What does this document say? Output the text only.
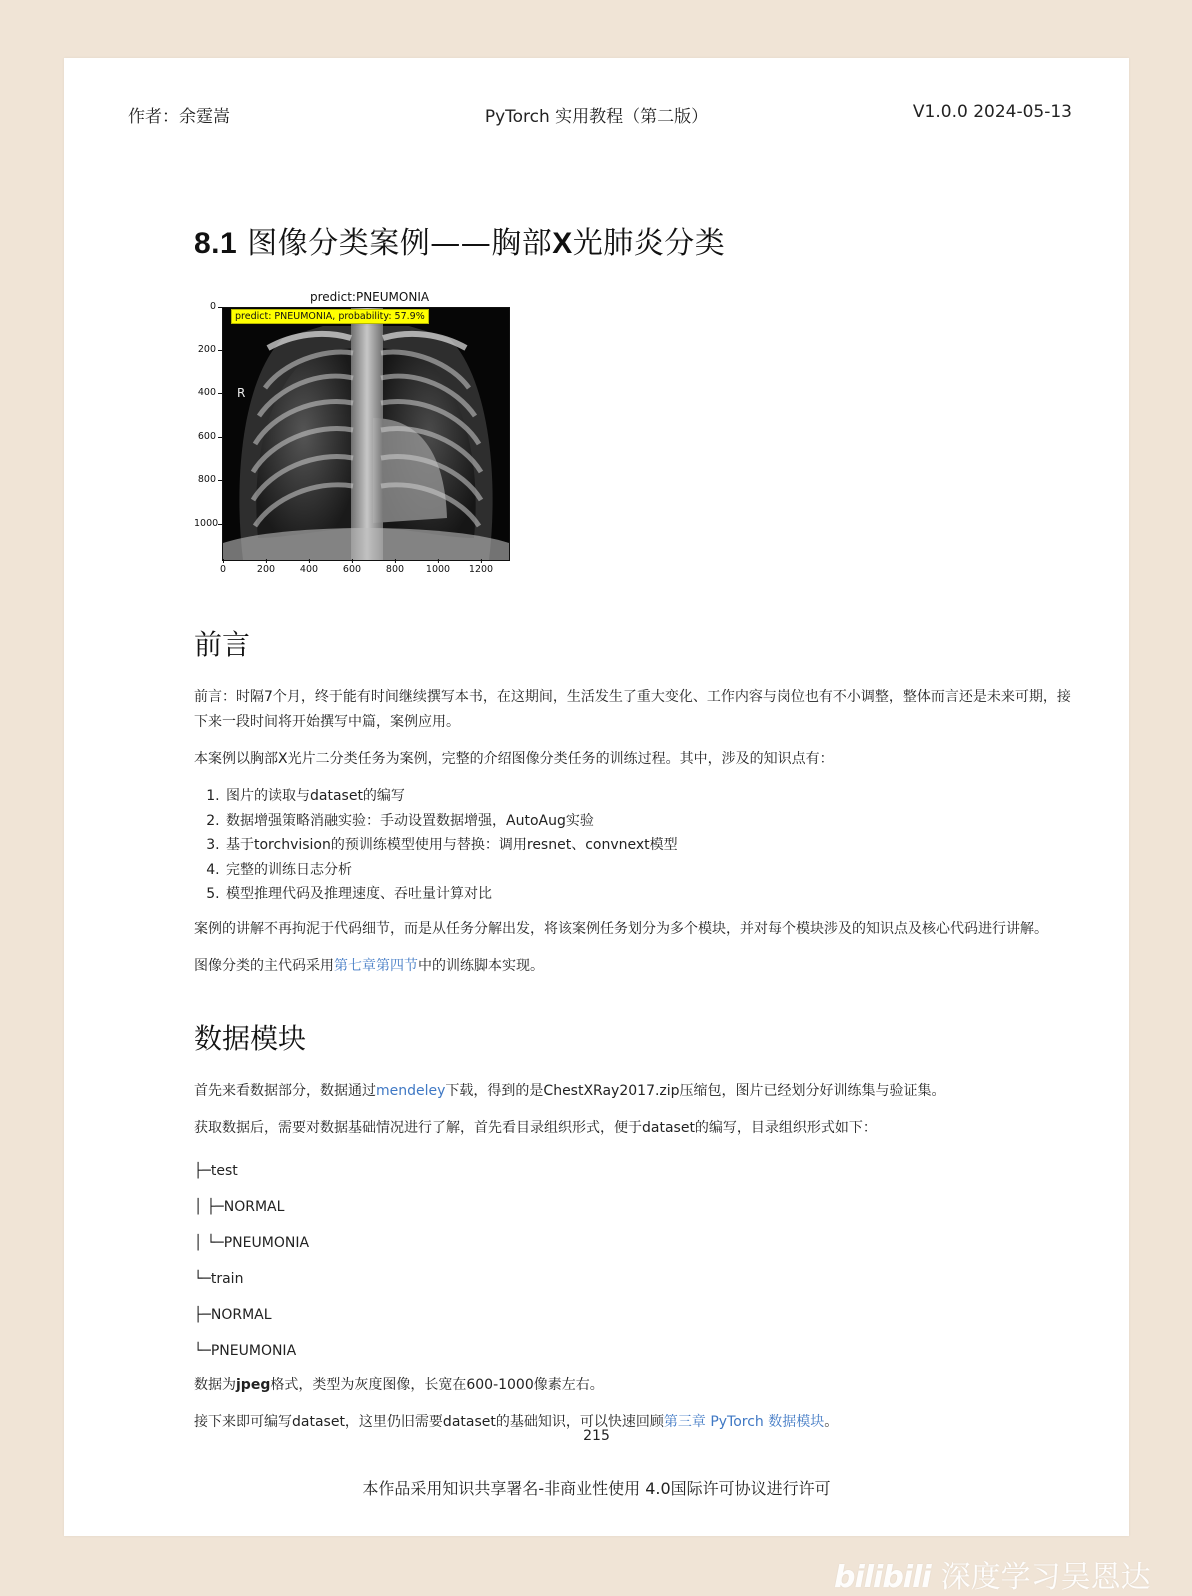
作者：余霆嵩	PyTorch 实用教程（第二版）	V1.0.0 2024-05-13
8.1 图像分类案例——胸部X光肺炎分类
predict:PNEUMONIA
0
200
400
600
800
1000
predict: PNEUMONIA, probability: 57.9%
R
0	200	400	600	800 1000 1200
前言

前言：时隔7个月，终于能有时间继续撰写本书，在这期间，生活发生了重大变化、工作内容与岗位也有不小调整，整体而言还是未来可期，接下来一段时间将开始撰写中篇，案例应用。

本案例以胸部X光片二分类任务为案例，完整的介绍图像分类任务的训练过程。其中，涉及的知识点有：

1. 图片的读取与dataset的编写
2. 数据增强策略消融实验：手动设置数据增强，AutoAug实验
3. 基于torchvision的预训练模型使用与替换：调用resnet、convnext模型
4. 完整的训练日志分析
5. 模型推理代码及推理速度、吞吐量计算对比

案例的讲解不再拘泥于代码细节，而是从任务分解出发，将该案例任务划分为多个模块，并对每个模块涉及的知识点及核心代码进行讲解。

图像分类的主代码采用第七章第四节中的训练脚本实现。

数据模块

首先来看数据部分，数据通过mendeley下载，得到的是ChestXRay2017.zip压缩包，图片已经划分好训练集与验证集。

获取数据后，需要对数据基础情况进行了解，首先看目录组织形式，便于dataset的编写，目录组织形式如下：

├─test
│ ├─NORMAL
│ └─PNEUMONIA
└─train
├─NORMAL
└─PNEUMONIA

数据为jpeg格式，类型为灰度图像，长宽在600-1000像素左右。

接下来即可编写dataset，这里仍旧需要dataset的基础知识，可以快速回顾第三章 PyTorch 数据模块。

215
本作品采用知识共享署名-非商业性使用 4.0国际许可协议进行许可
bilibili 深度学习吴恩达
